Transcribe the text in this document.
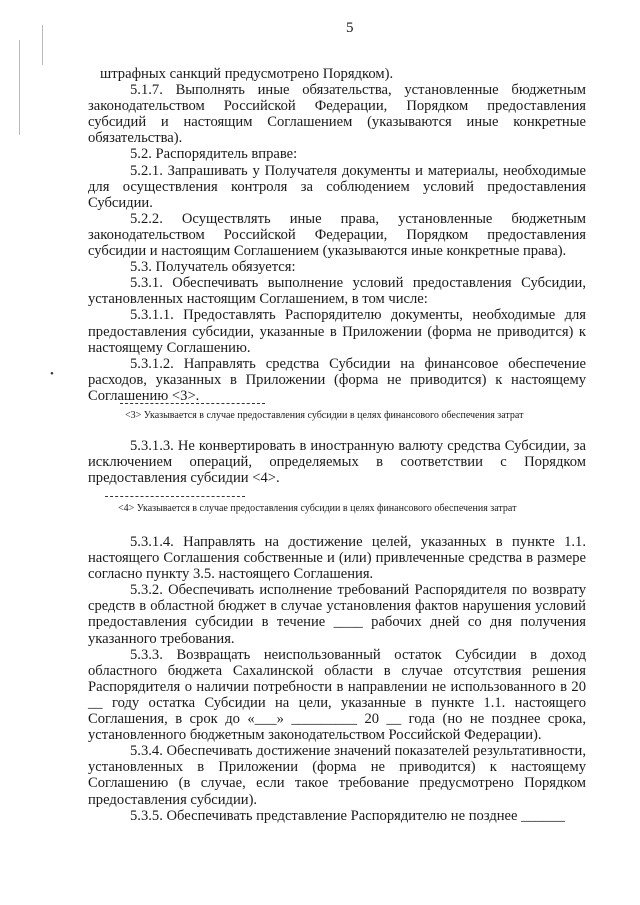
•
5

штрафных санкций предусмотрено Порядком).

5.1.7. Выполнять иные обязательства, установленные бюджетным законодательством Российской Федерации, Порядком предоставления субсидий и настоящим Соглашением (указываются иные конкретные обязательства).

5.2. Распорядитель вправе:

5.2.1. Запрашивать у Получателя документы и материалы, необходимые для осуществления контроля за соблюдением условий предоставления Субсидии.

5.2.2. Осуществлять иные права, установленные бюджетным законодательством Российской Федерации, Порядком предоставления субсидии и настоящим Соглашением (указываются иные конкретные права).

5.3. Получатель обязуется:

5.3.1. Обеспечивать выполнение условий предоставления Субсидии, установленных настоящим Соглашением, в том числе:

5.3.1.1. Предоставлять Распорядителю документы, необходимые для предоставления субсидии, указанные в Приложении (форма не приводится) к настоящему Соглашению.

5.3.1.2. Направлять средства Субсидии на финансовое обеспечение расходов, указанных в Приложении (форма не приводится) к настоящему Соглашению <3>.

<3> Указывается в случае предоставления субсидии в целях финансового обеспечения затрат

5.3.1.3. Не конвертировать в иностранную валюту средства Субсидии, за исключением операций, определяемых в соответствии с Порядком предоставления субсидии <4>.

<4> Указывается в случае предоставления субсидии в целях финансового обеспечения затрат

5.3.1.4. Направлять на достижение целей, указанных в пункте 1.1. настоящего Соглашения собственные и (или) привлеченные средства в размере согласно пункту 3.5. настоящего Соглашения.

5.3.2. Обеспечивать исполнение требований Распорядителя по возврату средств в областной бюджет в случае установления фактов нарушения условий предоставления субсидии в течение ____ рабочих дней со дня получения указанного требования.

5.3.3. Возвращать неиспользованный остаток Субсидии в доход областного бюджета Сахалинской области в случае отсутствия решения Распорядителя о наличии потребности в направлении не использованного в 20 __ году остатка Субсидии на цели, указанные в пункте 1.1. настоящего Соглашения, в срок до «___» _________ 20 __ года (но не позднее срока, установленного бюджетным законодательством Российской Федерации).

5.3.4. Обеспечивать достижение значений показателей результативности, установленных в Приложении (форма не приводится) к настоящему Соглашению (в случае, если такое требование предусмотрено Порядком предоставления субсидии).

5.3.5. Обеспечивать представление Распорядителю не позднее ______
